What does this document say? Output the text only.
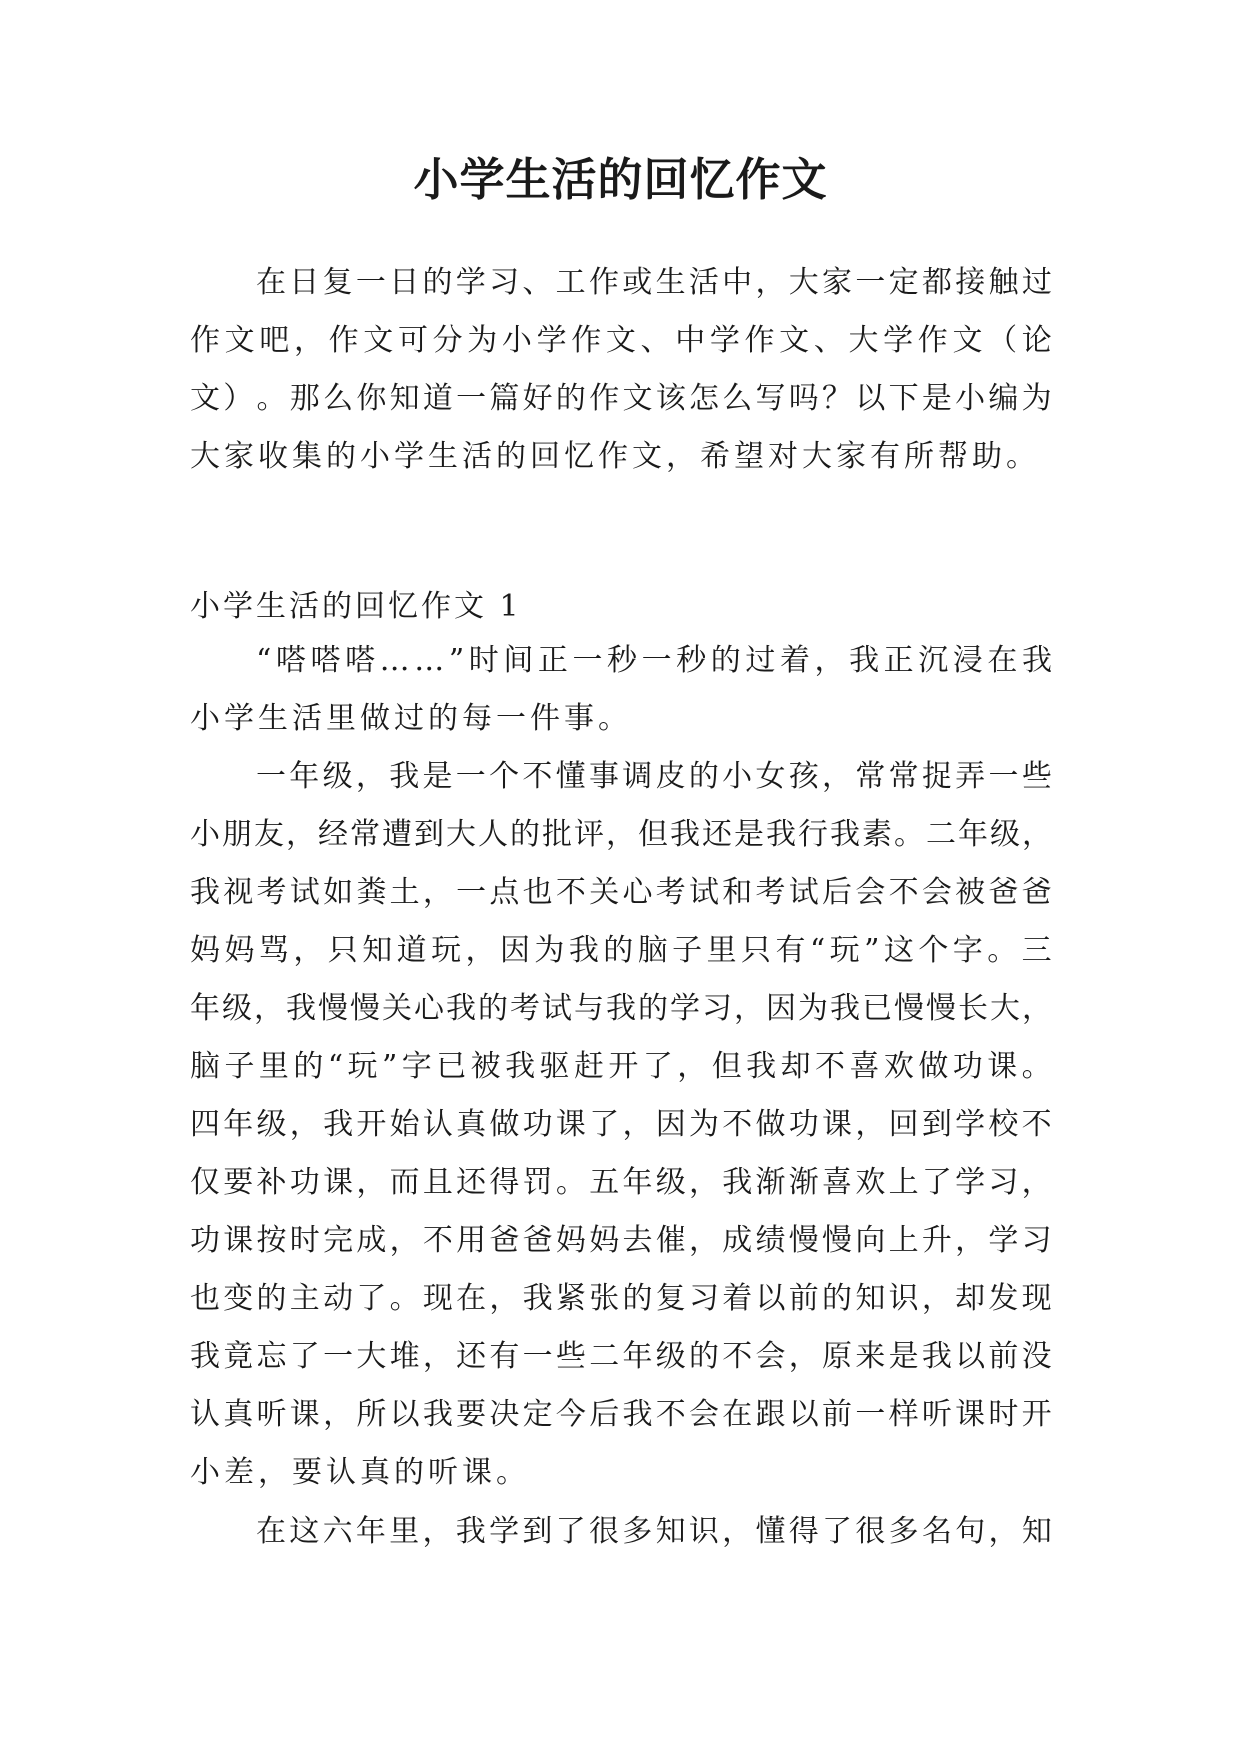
小学生活的回忆作文
在 日 复 一 日 的 学 习 、 工 作 或 生 活 中 ， 大 家 一 定 都 接 触 过
作 文 吧 ， 作 文 可 分 为 小 学 作 文 、 中 学 作 文 、 大 学 作 文 （ 论
文 ） 。 那 么 你 知 道 一 篇 好 的 作 文 该 怎 么 写 吗 ？ 以 下 是 小 编 为
大家收集的小学生活的回忆作文，希望对大家有所帮助。
小学生活的回忆作文 1
“ 嗒 嗒 嗒 … … ” 时 间 正 一 秒 一 秒 的 过 着 ， 我 正 沉 浸 在 我
小学生活里做过的每一件事。
一 年 级 ， 我 是 一 个 不 懂 事 调 皮 的 小 女 孩 ， 常 常 捉 弄 一 些
小 朋 友 ， 经 常 遭 到 大 人 的 批 评 ， 但 我 还 是 我 行 我 素 。 二 年 级 ，
我 视 考 试 如 粪 土 ， 一 点 也 不 关 心 考 试 和 考 试 后 会 不 会 被 爸 爸
妈 妈 骂 ， 只 知 道 玩 ， 因 为 我 的 脑 子 里 只 有 “ 玩 ” 这 个 字 。 三
年 级 ， 我 慢 慢 关 心 我 的 考 试 与 我 的 学 习 ， 因 为 我 已 慢 慢 长 大 ，
脑 子 里 的 “ 玩 ” 字 已 被 我 驱 赶 开 了 ， 但 我 却 不 喜 欢 做 功 课 。
四 年 级 ， 我 开 始 认 真 做 功 课 了 ， 因 为 不 做 功 课 ， 回 到 学 校 不
仅 要 补 功 课 ， 而 且 还 得 罚 。 五 年 级 ， 我 渐 渐 喜 欢 上 了 学 习 ，
功 课 按 时 完 成 ， 不 用 爸 爸 妈 妈 去 催 ， 成 绩 慢 慢 向 上 升 ， 学 习
也 变 的 主 动 了 。 现 在 ， 我 紧 张 的 复 习 着 以 前 的 知 识 ， 却 发 现
我 竟 忘 了 一 大 堆 ， 还 有 一 些 二 年 级 的 不 会 ， 原 来 是 我 以 前 没
认 真 听 课 ， 所 以 我 要 决 定 今 后 我 不 会 在 跟 以 前 一 样 听 课 时 开
小差，要认真的听课。
在 这 六 年 里 ， 我 学 到 了 很 多 知 识 ， 懂 得 了 很 多 名 句 ， 知
